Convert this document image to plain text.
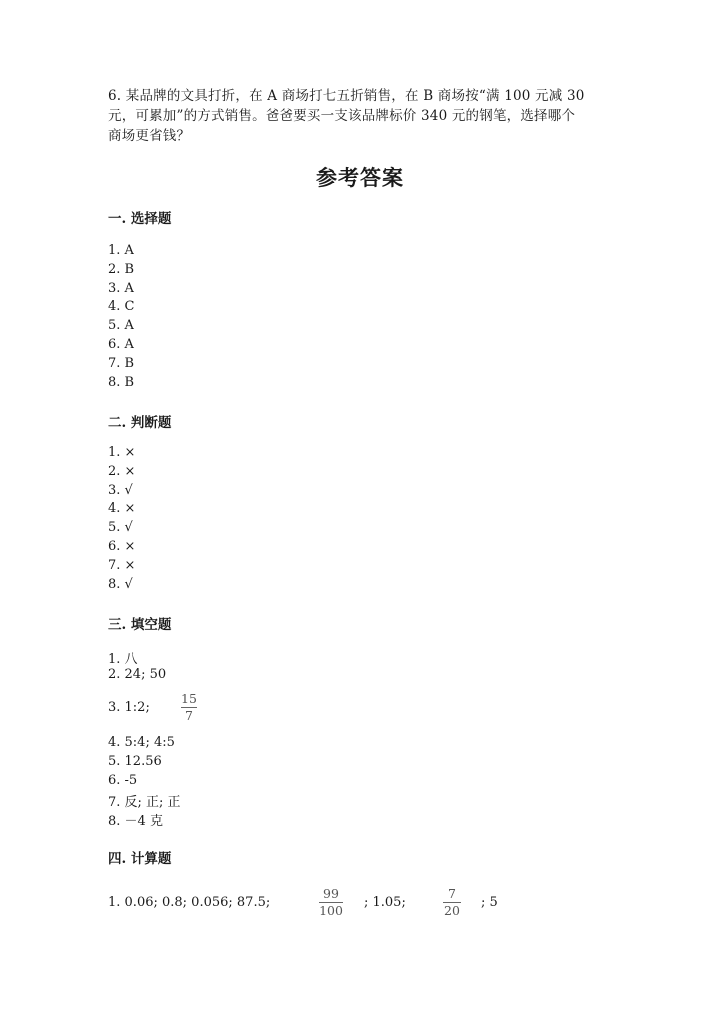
6. 某品牌的文具打折，在 A 商场打七五折销售，在 B 商场按“满 100 元减 30
元，可累加”的方式销售。爸爸要买一支该品牌标价 340 元的钢笔，选择哪个
商场更省钱？
参考答案
一. 选择题
1. A
2. B
3. A
4. C
5. A
6. A
7. B
8. B
二. 判断题
1. ×
2. ×
3. √
4. ×
5. √
6. ×
7. ×
8. √
三. 填空题
1. 八
2. 24; 50
3. 1:2;
15
7
4. 5:4; 4:5
5. 12.56
6. -5
7. 反; 正; 正
8. －4 克
四. 计算题
1. 0.06; 0.8; 0.056; 87.5;
99
100
; 1.05;
7
20
; 5
